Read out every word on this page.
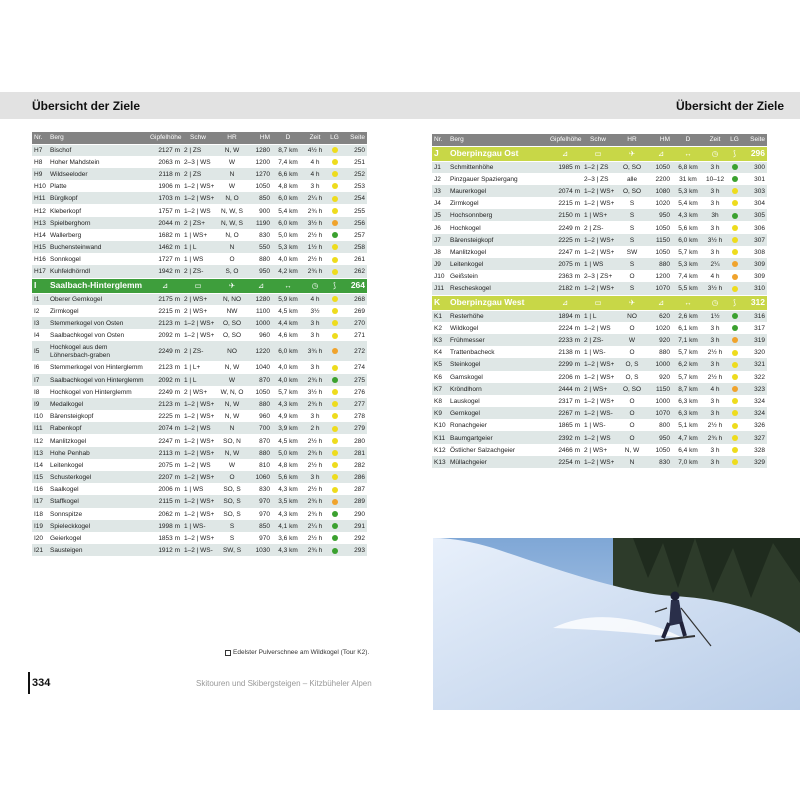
Übersicht der Ziele	Übersicht der Ziele
Nr.	Berg	Gipfelhöhe	Schw	HR	HM	D	Zeit	LG	Seite
H7	Bischof	2127 m	2 | ZS	N, W	1280	8,7 km	4½ h		250
H8	Hoher Mahdstein	2063 m	2–3 | WS	W	1200	7,4 km	4 h		251
H9	Wildseeloder	2118 m	2 | ZS	N	1270	6,6 km	4 h		252
H10	Platte	1906 m	1–2 | WS+	W	1050	4,8 km	3 h		253
H11	Bürglkopf	1703 m	1–2 | WS+	N, O	850	6,0 km	2¼ h		254
H12	Kleberkopf	1757 m	1–2 | WS	N, W, S	900	5,4 km	2¾ h		255
H13	Spielberghorn	2044 m	2 | ZS+	N, W, S	1190	6,0 km	3½ h		256
H14	Wallerberg	1682 m	1 | WS+	N, O	830	5,0 km	2½ h		257
H15	Buchensteinwand	1462 m	1 | L	N	550	5,3 km	1½ h		258
H16	Sonnkogel	1727 m	1 | WS	O	880	4,0 km	2½ h		261
H17	Kuhfeldhörndl	1942 m	2 | ZS-	S, O	950	4,2 km	2¾ h		262
I	Saalbach-Hinterglemm	⊿	▭	✈	⊿	↔	◷	⟆	264
I1	Oberer Gernkogel	2175 m	2 | WS+	N, NO	1280	5,9 km	4 h		268
I2	Zirmkogel	2215 m	2 | WS+	NW	1100	4,5 km	3½		269
I3	Stemmerkogel von Osten	2123 m	1–2 | WS+	O, SO	1000	4,4 km	3 h		270
I4	Saalbachkogel von Osten	2092 m	1–2 | WS+	O, SO	960	4,6 km	3 h		271
I5	Hochkogel aus dem Löhnersbach-graben	2249 m	2 | ZS-	NO	1220	6,0 km	3¾ h		272
I6	Stemmerkogel von Hinterglemm	2123 m	1 | L+	N, W	1040	4,0 km	3 h		274
I7	Saalbachkogel von Hinterglemm	2092 m	1 | L	W	870	4,0 km	2¾ h		275
I8	Hochkogel von Hinterglemm	2249 m	2 | WS+	W, N, O	1050	5,7 km	3½ h		276
I9	Medalkogel	2123 m	1–2 | WS+	N, W	880	4,3 km	2¾ h		277
I10	Bärensteigkopf	2225 m	1–2 | WS+	N, W	960	4,9 km	3 h		278
I11	Rabenkopf	2074 m	1–2 | WS	N	700	3,9 km	2 h		279
I12	Manlitzkogel	2247 m	1–2 | WS+	SO, N	870	4,5 km	2½ h		280
I13	Hohe Penhab	2113 m	1–2 | WS+	N, W	880	5,0 km	2¾ h		281
I14	Leitenkogel	2075 m	1–2 | WS	W	810	4,8 km	2½ h		282
I15	Schusterkogel	2207 m	1–2 | WS+	O	1060	5,6 km	3 h		286
I16	Saalkogel	2006 m	1 | WS	SO, S	830	4,3 km	2½ h		287
I17	Staffkogel	2115 m	1–2 | WS+	SO, S	970	3,5 km	2¾ h		289
I18	Sonnspitze	2062 m	1–2 | WS+	SO, S	970	4,3 km	2¾ h		290
I19	Spieleckkogel	1998 m	1 | WS-	S	850	4,1 km	2¼ h		291
I20	Geierkogel	1853 m	1–2 | WS+	S	970	3,6 km	2½ h		292
I21	Sausteigen	1912 m	1–2 | WS-	SW, S	1030	4,3 km	2¾ h		293
Nr.	Berg	Gipfelhöhe	Schw	HR	HM	D	Zeit	LG	Seite
J	Oberpinzgau Ost	⊿	▭	✈	⊿	↔	◷	⟆	296
J1	Schmittenhöhe	1985 m	1–2 | ZS	O, SO	1050	6,8 km	3 h		300
J2	Pinzgauer Spaziergang		2–3 | ZS	alle	2200	31 km	10–12		301
J3	Maurerkogel	2074 m	1–2 | WS+	O, SO	1080	5,3 km	3 h		303
J4	Zirmkogel	2215 m	1–2 | WS+	S	1020	5,4 km	3 h		304
J5	Hochsonnberg	2150 m	1 | WS+	S	950	4,3 km	3h		305
J6	Hochkogel	2249 m	2 | ZS-	S	1050	5,6 km	3 h		306
J7	Bärensteigkopf	2225 m	1–2 | WS+	S	1150	6,0 km	3½ h		307
J8	Manlitzkogel	2247 m	1–2 | WS+	SW	1050	5,7 km	3 h		308
J9	Leitenkogel	2075 m	1 | WS	S	880	5,3 km	2¼		309
J10	Geißstein	2363 m	2–3 | ZS+	O	1200	7,4 km	4 h		309
J11	Rescheskogel	2182 m	1–2 | WS+	S	1070	5,5 km	3½ h		310
K	Oberpinzgau West	⊿	▭	✈	⊿	↔	◷	⟆	312
K1	Resterhöhe	1894 m	1 | L	NO	620	2,6 km	1½		316
K2	Wildkogel	2224 m	1–2 | WS	O	1020	6,1 km	3 h		317
K3	Frühmesser	2233 m	2 | ZS-	W	920	7,1 km	3 h		319
K4	Trattenbacheck	2138 m	1 | WS-	O	880	5,7 km	2½ h		320
K5	Steinkogel	2299 m	1–2 | WS+	O, S	1000	6,2 km	3 h		321
K6	Gamskogel	2206 m	1–2 | WS+	O, S	920	5,7 km	2½ h		322
K7	Kröndlhorn	2444 m	2 | WS+	O, SO	1150	8,7 km	4 h		323
K8	Lauskogel	2317 m	1–2 | WS+	O	1000	6,3 km	3 h		324
K9	Gernkogel	2267 m	1–2 | WS-	O	1070	6,3 km	3 h		324
K10	Ronachgeier	1865 m	1 | WS-	O	800	5,1 km	2½ h		326
K11	Baumgartgeier	2392 m	1–2 | WS	O	950	4,7 km	2¾ h		327
K12	Östlicher Salzachgeier	2466 m	2 | WS+	N, W	1050	6,4 km	3 h		328
K13	Müllachgeier	2254 m	1–2 | WS+	N	830	7,0 km	3 h		329
Edelster Pulverschnee am Wildkogel (Tour K2).
334	Skitouren und Skibergsteigen – Kitzbüheler Alpen
